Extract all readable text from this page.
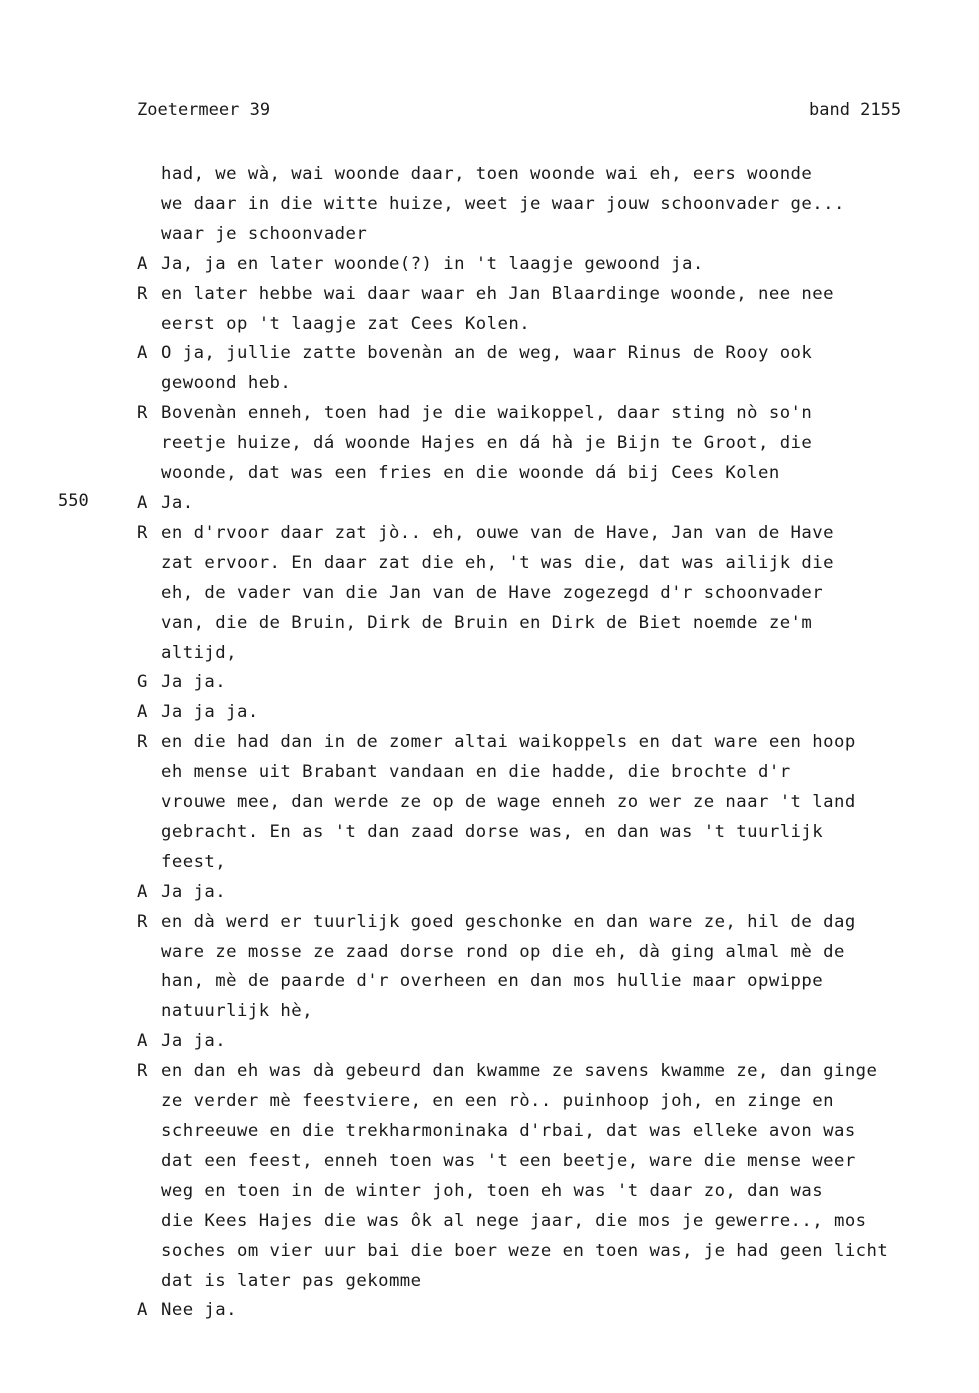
Zoetermeer 39	band 2155
550
had, we wà, wai woonde daar, toen woonde wai eh, eers woonde
we daar in die witte huize, weet je waar jouw schoonvader ge...
waar je schoonvader
A Ja, ja en later woonde(?) in 't laagje gewoond ja.
R en later hebbe wai daar waar eh Jan Blaardinge woonde, nee nee
eerst op 't laagje zat Cees Kolen.
A O ja, jullie zatte bovenàn an de weg, waar Rinus de Rooy ook
gewoond heb.
R Bovenàn enneh, toen had je die waikoppel, daar sting nò so'n
reetje huize, dá woonde Hajes en dá hà je Bijn te Groot, die
woonde, dat was een fries en die woonde dá bij Cees Kolen
A Ja.
R en d'rvoor daar zat jò.. eh, ouwe van de Have, Jan van de Have
zat ervoor. En daar zat die eh, 't was die, dat was ailijk die
eh, de vader van die Jan van de Have zogezegd d'r schoonvader
van, die de Bruin, Dirk de Bruin en Dirk de Biet noemde ze'm
altijd,
G Ja ja.
A Ja ja ja.
R en die had dan in de zomer altai waikoppels en dat ware een hoop
eh mense uit Brabant vandaan en die hadde, die brochte d'r
vrouwe mee, dan werde ze op de wage enneh zo wer ze naar 't land
gebracht. En as 't dan zaad dorse was, en dan was 't tuurlijk
feest,
A Ja ja.
R en dà werd er tuurlijk goed geschonke en dan ware ze, hil de dag
ware ze mosse ze zaad dorse rond op die eh, dà ging almal mè de
han, mè de paarde d'r overheen en dan mos hullie maar opwippe
natuurlijk hè,
A Ja ja.
R en dan eh was dà gebeurd dan kwamme ze savens kwamme ze, dan ginge
ze verder mè feestviere, en een rò.. puinhoop joh, en zinge en
schreeuwe en die trekharmoninaka d'rbai, dat was elleke avon was
dat een feest, enneh toen was 't een beetje, ware die mense weer
weg en toen in de winter joh, toen eh was 't daar zo, dan was
die Kees Hajes die was ôk al nege jaar, die mos je gewerre.., mos
soches om vier uur bai die boer weze en toen was, je had geen licht
dat is later pas gekomme
A Nee ja.
